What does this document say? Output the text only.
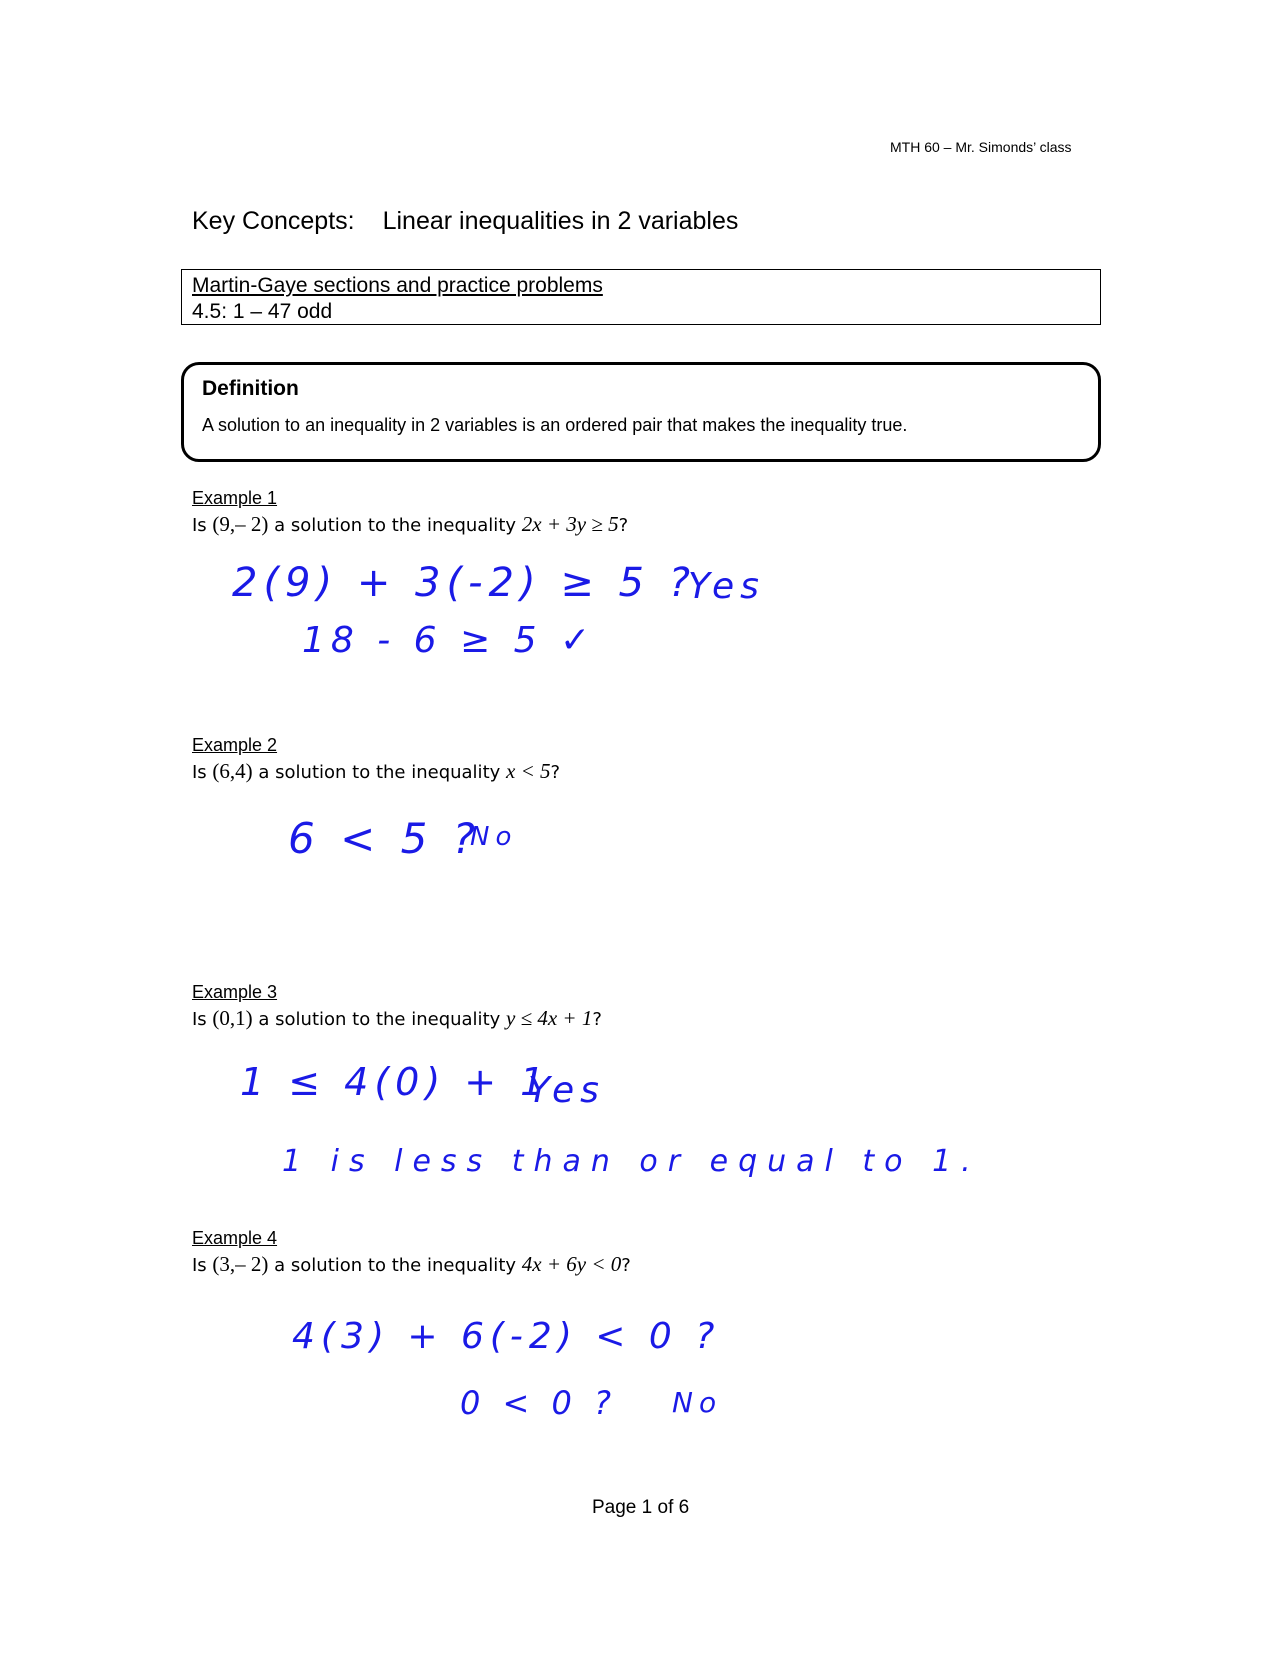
MTH 60 – Mr. Simonds’ class
Key Concepts: Linear inequalities in 2 variables
Martin-Gaye sections and practice problems
4.5: 1 – 47 odd
Definition
A solution to an inequality in 2 variables is an ordered pair that makes the inequality true.
Example 1
Is (9,– 2) a solution to the inequality 2x + 3y ≥ 5?
2(9) + 3(-2) ≥ 5 ?
18 - 6 ≥ 5 ✓
Yes
Example 2
Is (6,4) a solution to the inequality x < 5?
6 < 5 ?
No
Example 3
Is (0,1) a solution to the inequality y ≤ 4x + 1?
1 ≤ 4(0) + 1
Yes
1 is less than or equal to 1.
Example 4
Is (3,– 2) a solution to the inequality 4x + 6y < 0?
4(3) + 6(-2) < 0 ?
0 < 0 ? No
Page 1 of 6
